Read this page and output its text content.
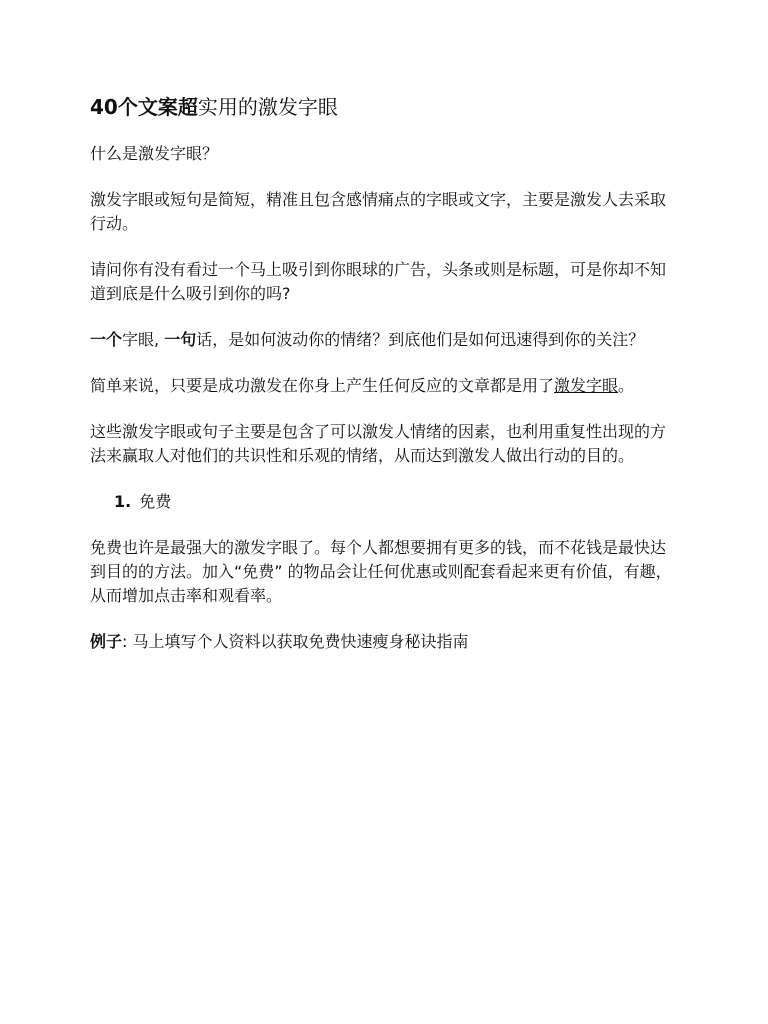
40个文案超实用的激发字眼

什么是激发字眼？

激发字眼或短句是简短，精准且包含感情痛点的字眼或文字，主要是激发人去采取行动。

请问你有没有看过一个马上吸引到你眼球的广告，头条或则是标题，可是你却不知道到底是什么吸引到你的吗?

一个字眼, 一句话，是如何波动你的情绪？到底他们是如何迅速得到你的关注？

简单来说，只要是成功激发在你身上产生任何反应的文章都是用了激发字眼。

这些激发字眼或句子主要是包含了可以激发人情绪的因素，也利用重复性出现的方法来赢取人对他们的共识性和乐观的情绪，从而达到激发人做出行动的目的。

1. 免费

免费也许是最强大的激发字眼了。每个人都想要拥有更多的钱，而不花钱是最快达到目的的方法。加入“免费” 的物品会让任何优惠或则配套看起来更有价值，有趣，从而增加点击率和观看率。

例子: 马上填写个人资料以获取免费快速瘦身秘诀指南
